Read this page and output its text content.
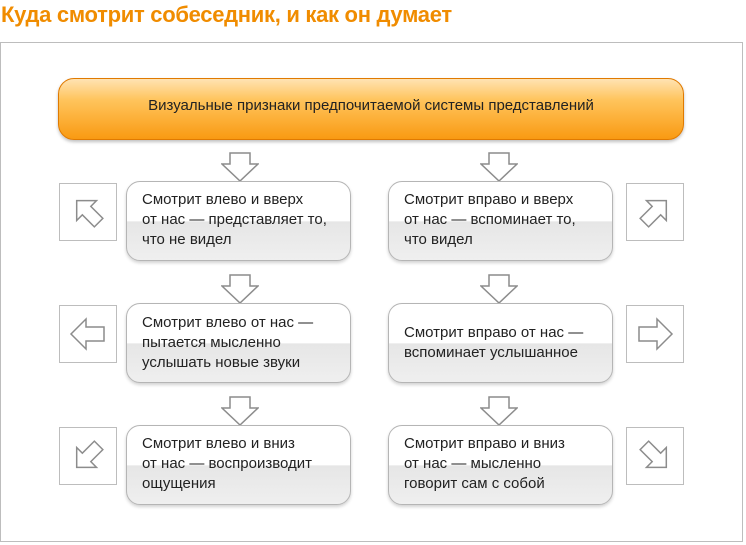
Куда смотрит собеседник, и как он думает
Визуальные признаки предпочитаемой системы представлений
Смотрит влево и вверх
от нас — представляет то,
что не видел
Смотрит влево от нас —
пытается мысленно
услышать новые звуки
Смотрит влево и вниз
от нас — воспроизводит
ощущения
Смотрит вправо и вверх
от нас — вспоминает то,
что видел
Смотрит вправо от нас —
вспоминает услышанное
Смотрит вправо и вниз
от нас — мысленно
говорит сам с собой
